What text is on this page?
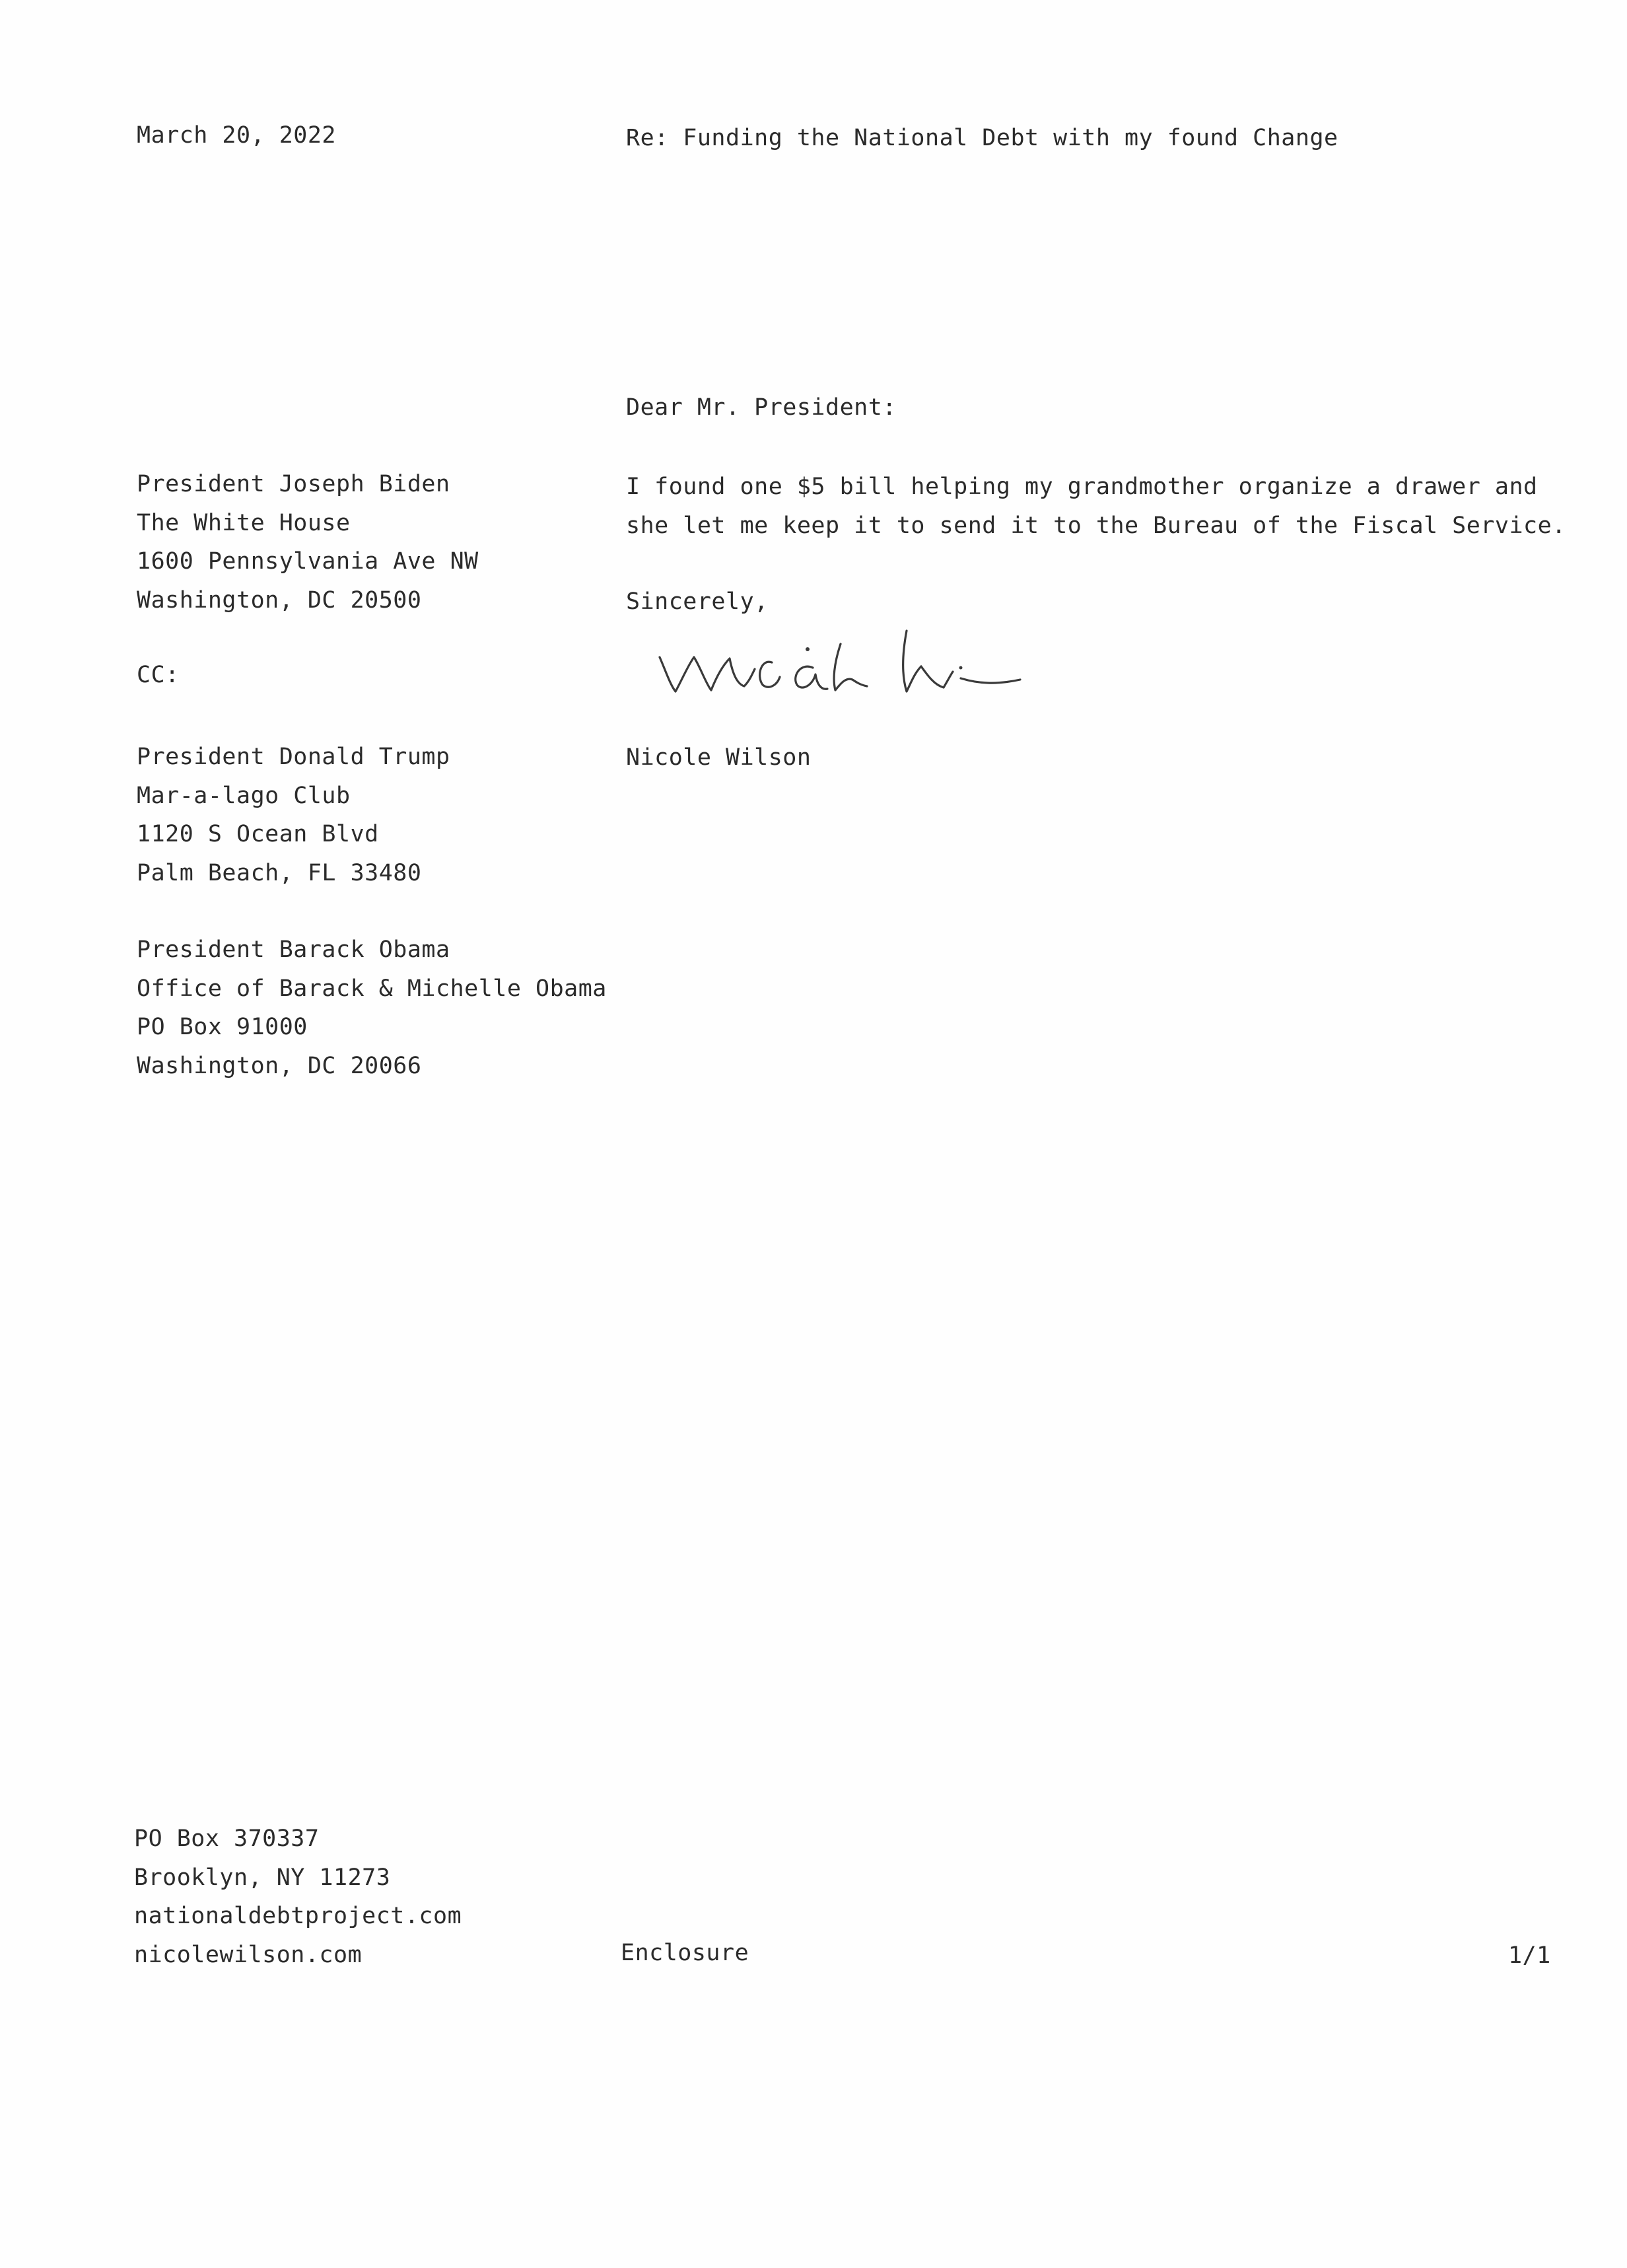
March 20, 2022	Re: Funding the National Debt with my found Change
Dear Mr. President:
President Joseph Biden
The White House
1600 Pennsylvania Ave NW
Washington, DC 20500
I found one $5 bill helping my grandmother organize a drawer and
she let me keep it to send it to the Bureau of the Fiscal Service.
Sincerely,
CC:
Nicole Wilson
President Donald Trump
Mar-a-lago Club
1120 S Ocean Blvd
Palm Beach, FL 33480
President Barack Obama
Office of Barack & Michelle Obama
PO Box 91000
Washington, DC 20066
PO Box 370337
Brooklyn, NY 11273
nationaldebtproject.com
nicolewilson.com	Enclosure	1/1
